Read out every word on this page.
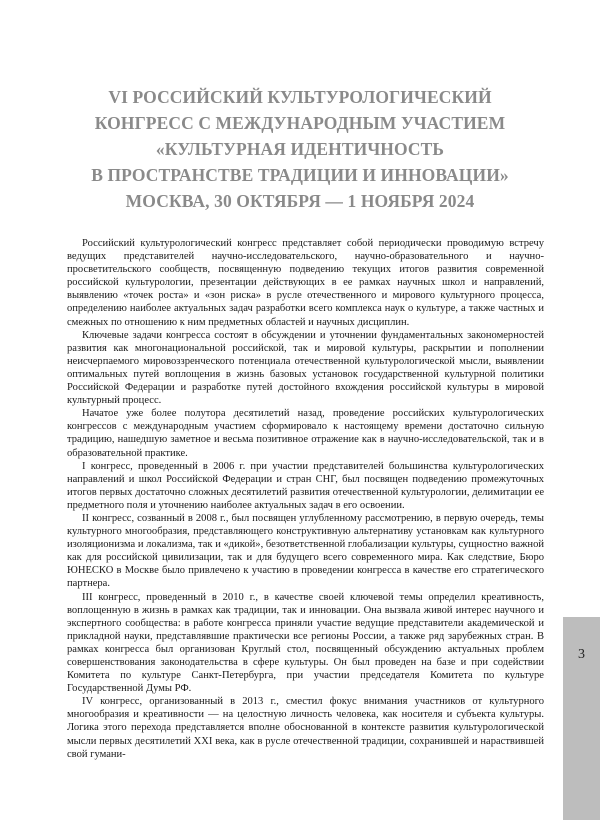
VI РОССИЙСКИЙ КУЛЬТУРОЛОГИЧЕСКИЙ
КОНГРЕСС С МЕЖДУНАРОДНЫМ УЧАСТИЕМ
«КУЛЬТУРНАЯ ИДЕНТИЧНОСТЬ
В ПРОСТРАНСТВЕ ТРАДИЦИИ И ИННОВАЦИИ»
МОСКВА, 30 ОКТЯБРЯ — 1 НОЯБРЯ 2024

Российский культурологический конгресс представляет собой периодически проводимую встречу ведущих представителей научно-исследовательского, научно-образовательного и научно-просветительского сообществ, посвященную подведению текущих итогов развития современной российской культурологии, презентации действующих в ее рамках научных школ и направлений, выявлению «точек роста» и «зон риска» в русле отечественного и мирового культурного процесса, определению наиболее актуальных задач разработки всего комплекса наук о культуре, а также частных и смежных по отношению к ним предметных областей и научных дисциплин.

Ключевые задачи конгресса состоят в обсуждении и уточнении фундаментальных закономерностей развития как многонациональной российской, так и мировой культуры, раскрытии и пополнении неисчерпаемого мировоззренческого потенциала отечественной культурологической мысли, выявлении оптимальных путей воплощения в жизнь базовых установок государственной культурной политики Российской Федерации и разработке путей достойного вхождения российской культуры в мировой культурный процесс.

Начатое уже более полутора десятилетий назад, проведение российских культурологических конгрессов с международным участием сформировало к настоящему времени достаточно сильную традицию, нашедшую заметное и весьма позитивное отражение как в научно-исследовательской, так и в образовательной практике.

I конгресс, проведенный в 2006 г. при участии представителей большинства культурологических направлений и школ Российской Федерации и стран СНГ, был посвящен подведению промежуточных итогов первых достаточно сложных десятилетий развития отечественной культурологии, делимитации ее предметного поля и уточнению наиболее актуальных задач в его освоении.

II конгресс, созванный в 2008 г., был посвящен углубленному рассмотрению, в первую очередь, темы культурного многообразия, представляющего конструктивную альтернативу установкам как культурного изоляционизма и локализма, так и «дикой», безответственной глобализации культуры, сущностно важной как для российской цивилизации, так и для будущего всего современного мира. Как следствие, Бюро ЮНЕСКО в Москве было привлечено к участию в проведении конгресса в качестве его стратегического партнера.

III конгресс, проведенный в 2010 г., в качестве своей ключевой темы определил креативность, воплощенную в жизнь в рамках как традиции, так и инновации. Она вызвала живой интерес научного и экспертного сообщества: в работе конгресса приняли участие ведущие представители академической и прикладной науки, представлявшие практически все регионы России, а также ряд зарубежных стран. В рамках конгресса был организован Круглый стол, посвященный обсуждению актуальных проблем совершенствования законодательства в сфере культуры. Он был проведен на базе и при содействии Комитета по культуре Санкт-Петербурга, при участии председателя Комитета по культуре Государственной Думы РФ.

IV конгресс, организованный в 2013 г., сместил фокус внимания участников от культурного многообразия и креативности — на целостную личность человека, как носителя и субъекта культуры. Логика этого перехода представляется вполне обоснованной в контексте развития культурологической мысли первых десятилетий XXI века, как в русле отечественной традиции, сохранившей и нараствившей свой гумани-

3
